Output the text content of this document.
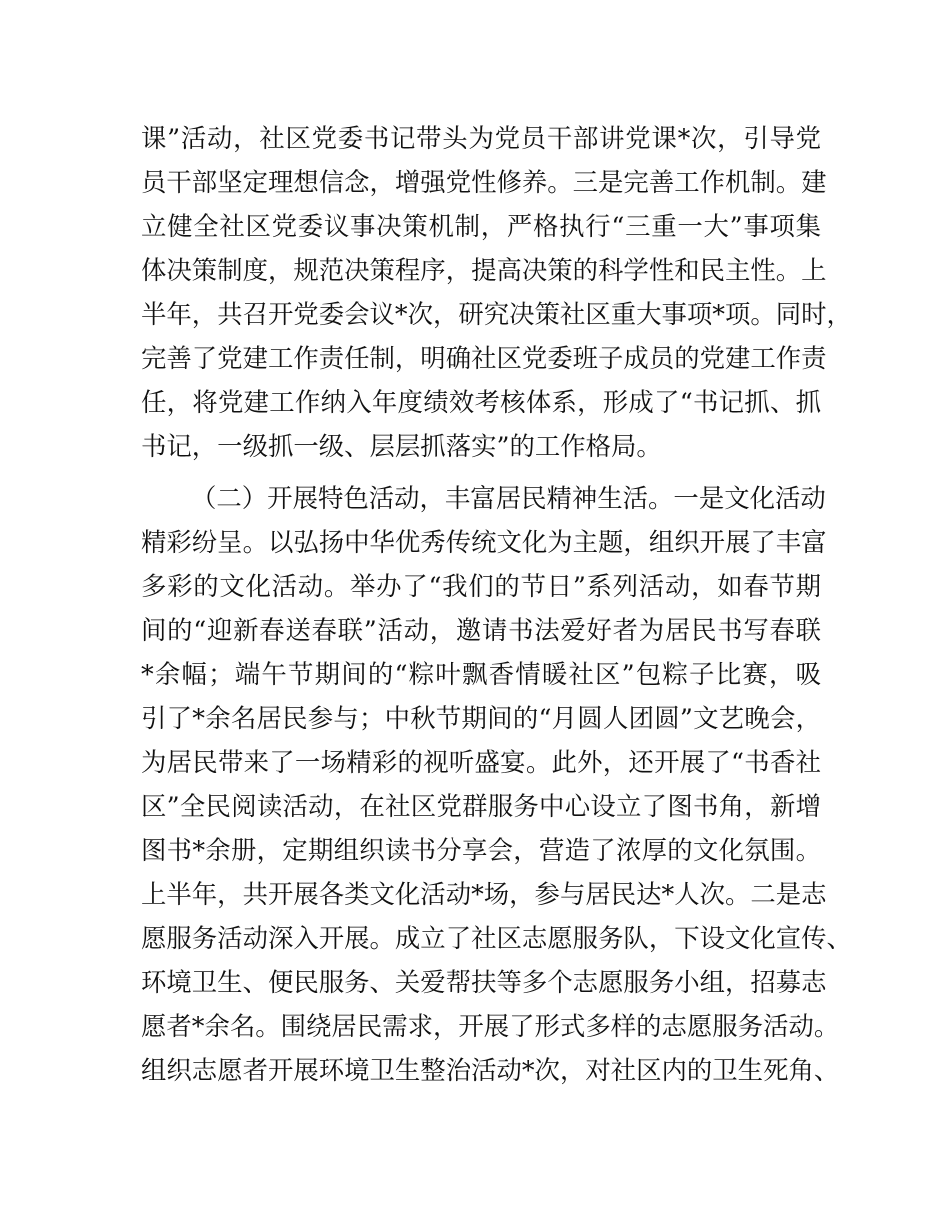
课”活动，社区党委书记带头为党员干部讲党课*次，引导党

员干部坚定理想信念，增强党性修养。三是完善工作机制。建

立健全社区党委议事决策机制，严格执行“三重一大”事项集

体决策制度，规范决策程序，提高决策的科学性和民主性。上

半年，共召开党委会议*次，研究决策社区重大事项*项。同时，

完善了党建工作责任制，明确社区党委班子成员的党建工作责

任，将党建工作纳入年度绩效考核体系，形成了“书记抓、抓

书记，一级抓一级、层层抓落实”的工作格局。

（二）开展特色活动，丰富居民精神生活。一是文化活动

精彩纷呈。以弘扬中华优秀传统文化为主题，组织开展了丰富

多彩的文化活动。举办了“我们的节日”系列活动，如春节期

间的“迎新春送春联”活动，邀请书法爱好者为居民书写春联

*余幅；端午节期间的“粽叶飘香情暖社区”包粽子比赛，吸

引了*余名居民参与；中秋节期间的“月圆人团圆”文艺晚会，

为居民带来了一场精彩的视听盛宴。此外，还开展了“书香社

区”全民阅读活动，在社区党群服务中心设立了图书角，新增

图书*余册，定期组织读书分享会，营造了浓厚的文化氛围。

上半年，共开展各类文化活动*场，参与居民达*人次。二是志

愿服务活动深入开展。成立了社区志愿服务队，下设文化宣传、

环境卫生、便民服务、关爱帮扶等多个志愿服务小组，招募志

愿者*余名。围绕居民需求，开展了形式多样的志愿服务活动。

组织志愿者开展环境卫生整治活动*次，对社区内的卫生死角、
